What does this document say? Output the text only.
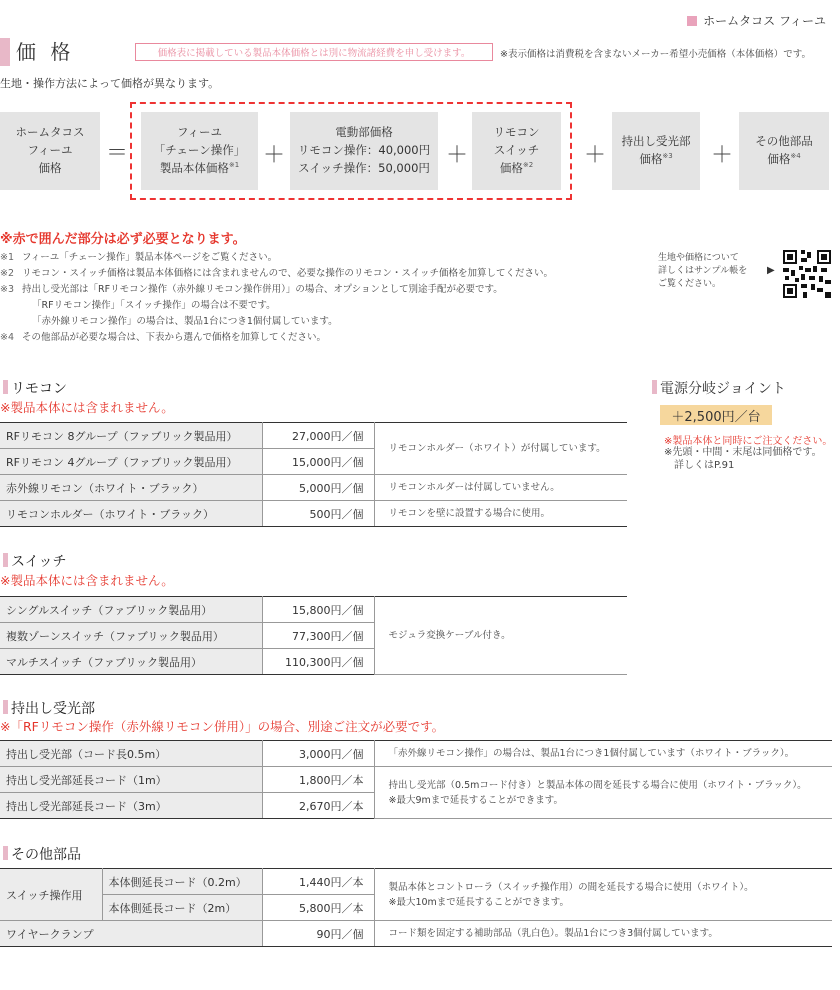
ホームタコス フィーユ
価 格	価格表に掲載している製品本体価格とは別に物流諸経費を申し受けます。	※表示価格は消費税を含まないメーカー希望小売価格（本体価格）です。
生地・操作方法によって価格が異なります。
ホームタコス
フィーユ
価格
＝
フィーユ
「チェーン操作」
製品本体価格$^{※1}$ ＋
電動部価格
リモコン操作：40,000円
スイッチ操作：50,000円 ＋
リモコン
スイッチ
価格$^{※2}$ ＋
持出し受光部
価格$^{※3}$ ＋
その他部品
価格$^{※4}$
※赤で囲んだ部分は必ず必要となります。
※1 フィーユ「チェーン操作」製品本体ページをご覧ください。
※2 リモコン・スイッチ価格は製品本体価格には含まれませんので、必要な操作のリモコン・スイッチ価格を加算してください。
※3 持出し受光部は「RFリモコン操作（赤外線リモコン操作併用）」の場合、オプションとして別途手配が必要です。
「RFリモコン操作」「スイッチ操作」の場合は不要です。
「赤外線リモコン操作」の場合は、製品1台につき1個付属しています。
※4 その他部品が必要な場合は、下表から選んで価格を加算してください。
生地や価格について
詳しくはサンプル帳を
ご覧ください。
▶
リモコン
※製品本体には含まれません。
RFリモコン 8グループ（ファブリック製品用）	27,000円／個	リモコンホルダー（ホワイト）が付属しています。
RFリモコン 4グループ（ファブリック製品用）	15,000円／個	
赤外線リモコン（ホワイト・ブラック）	5,000円／個	リモコンホルダーは付属していません。
リモコンホルダー（ホワイト・ブラック）	500円／個	リモコンを壁に設置する場合に使用。
スイッチ
※製品本体には含まれません。
シングルスイッチ（ファブリック製品用）	15,800円／個	モジュラ変換ケーブル付き。
複数ゾーンスイッチ（ファブリック製品用）	77,300円／個	
マルチスイッチ（ファブリック製品用）	110,300円／個	
持出し受光部
※「RFリモコン操作（赤外線リモコン併用）」の場合、別途ご注文が必要です。
持出し受光部（コード長0.5m）	3,000円／個	「赤外線リモコン操作」の場合は、製品1台につき1個付属しています（ホワイト・ブラック）。
持出し受光部延長コード（1m）	1,800円／本	持出し受光部（0.5mコード付き）と製品本体の間を延長する場合に使用（ホワイト・ブラック）。
※最大9mまで延長することができます。

持出し受光部延長コード（3m）	2,670円／本	
その他部品
スイッチ操作用	本体側延長コード（0.2m）	1,440円／本	製品本体とコントローラ（スイッチ操作用）の間を延長する場合に使用（ホワイト）。
※最大10mまで延長することができます。

	本体側延長コード（2m）	5,800円／本	
ワイヤークランプ		90円／個	コード類を固定する補助部品（乳白色）。製品1台につき3個付属しています。
電源分岐ジョイント
＋2,500円／台
※製品本体と同時にご注文ください。
※先頭・中間・末尾は同価格です。
詳しくはP.91
